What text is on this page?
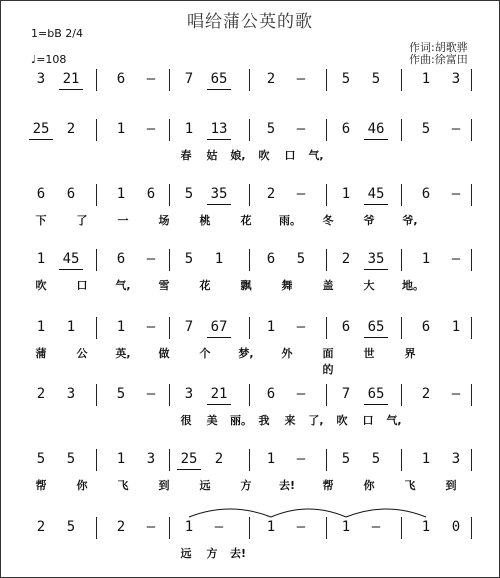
唱给蒲公英的歌
1=bB 2/4
♩=108
作词:胡歌骅
作曲:徐富田
3	21	6 – 7	65	2 –	5 5	1 3
25	2	1 – 1	13	5 –	6	46	5 –
春 姑 娘, 吹 口 气,
6 6	1 6 5	35	2 –	1	45	6 –
下	了	一	场	桃	花	雨。 冬	爷	爷,
1	45	6 – 5 1	6 5	2	35	1 –
吹	口	气,	雪	花	飘	舞	盖	大	地。
1 1	1 – 7	67	1 –	6	65	6 1
蒲	公	英,	做	个	梦,	外	面的
世	界
2 3	5 – 3	21	6 –	7	65	2 –
很 美 丽。 我 来 了, 吹 口 气,
5 5	1 3	25	2	1 –	5 5	1 3
帮	你	飞	到	远	方	去! 帮	你	飞	到
2 5	2 – 1 –	1 –	1 –	1 0
远 方 去!
